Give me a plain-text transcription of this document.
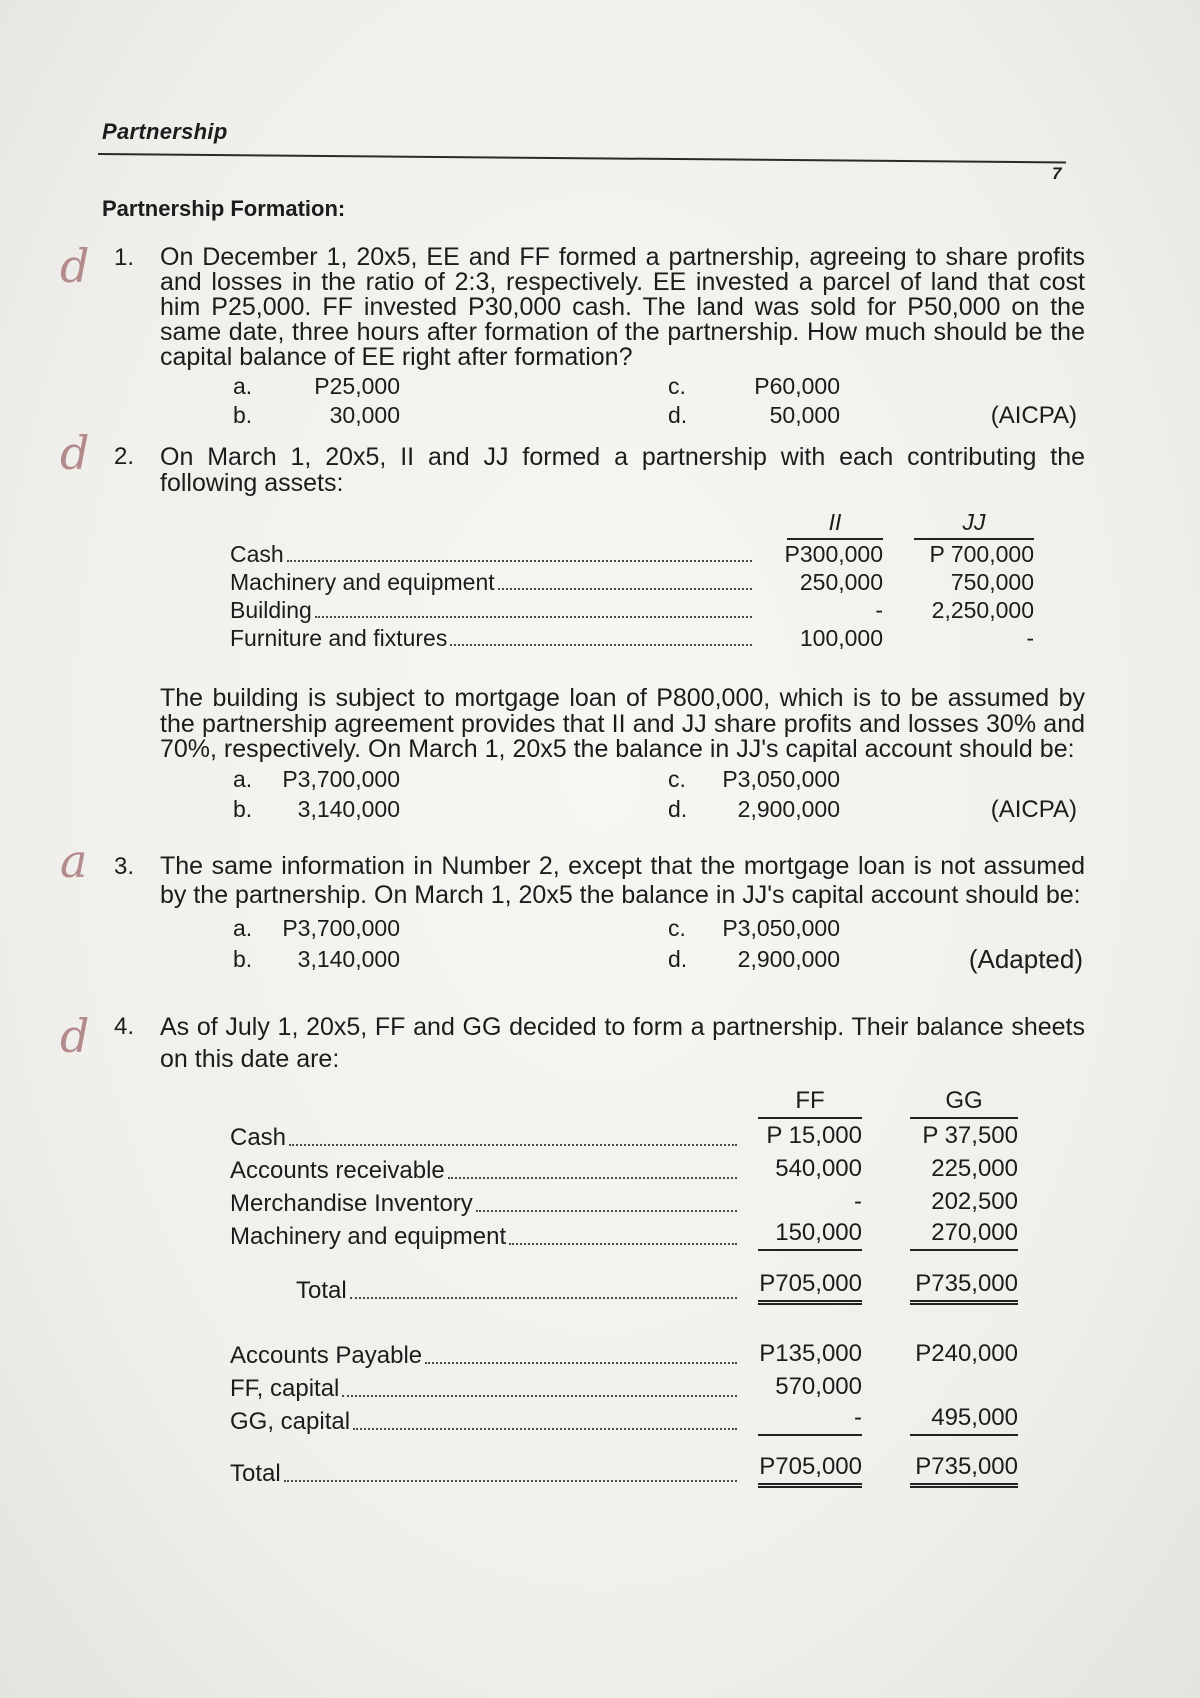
Partnership
7
Partnership Formation:
d 1. On December 1, 20x5, EE and FF formed a partnership, agreeing to share profits and losses in the ratio of 2:3, respectively. EE invested a parcel of land that cost him P25,000. FF invested P30,000 cash. The land was sold for P50,000 on the same date, three hours after formation of the partnership. How much should be the capital balance of EE right after formation?

a.	P25,000	c.	P60,000
b.	30,000	d.	50,000	(AICPA)
d 2. On March 1, 20x5, II and JJ formed a partnership with each contributing the following assets:

II	JJ
Cash	P300,000	P 700,000
Machinery and equipment	250,000	750,000
Building	-	2,250,000
Furniture and fixtures	100,000	-

The building is subject to mortgage loan of P800,000, which is to be assumed by the partnership agreement provides that II and JJ share profits and losses 30% and 70%, respectively. On March 1, 20x5 the balance in JJ's capital account should be:

a.	P3,700,000	c.	P3,050,000
b.	3,140,000	d.	2,900,000	(AICPA)
a 3. The same information in Number 2, except that the mortgage loan is not assumed by the partnership. On March 1, 20x5 the balance in JJ's capital account should be:

a.	P3,700,000	c.	P3,050,000
b.	3,140,000	d.	2,900,000	(Adapted)
d 4. As of July 1, 20x5, FF and GG decided to form a partnership. Their balance sheets on this date are:

FF	GG
Cash	P 15,000	P 37,500
Accounts receivable	540,000	225,000
Merchandise Inventory	-	202,500
Machinery and equipment	150,000	270,000
Total	P705,000	P735,000
Accounts Payable	P135,000	P240,000
FF, capital	570,000
GG, capital	-	495,000
Total	P705,000	P735,000
